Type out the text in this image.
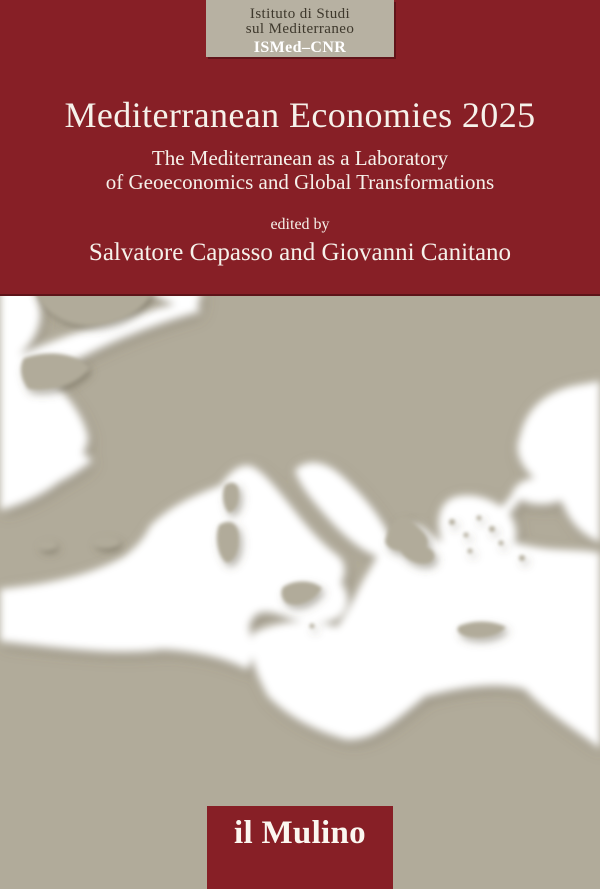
Istituto di Studi
sul Mediterraneo
ISMed–CNR
Mediterranean Economies 2025
The Mediterranean as a Laboratory
of Geoeconomics and Global Transformations
edited by
Salvatore Capasso and Giovanni Canitano
il Mulino
